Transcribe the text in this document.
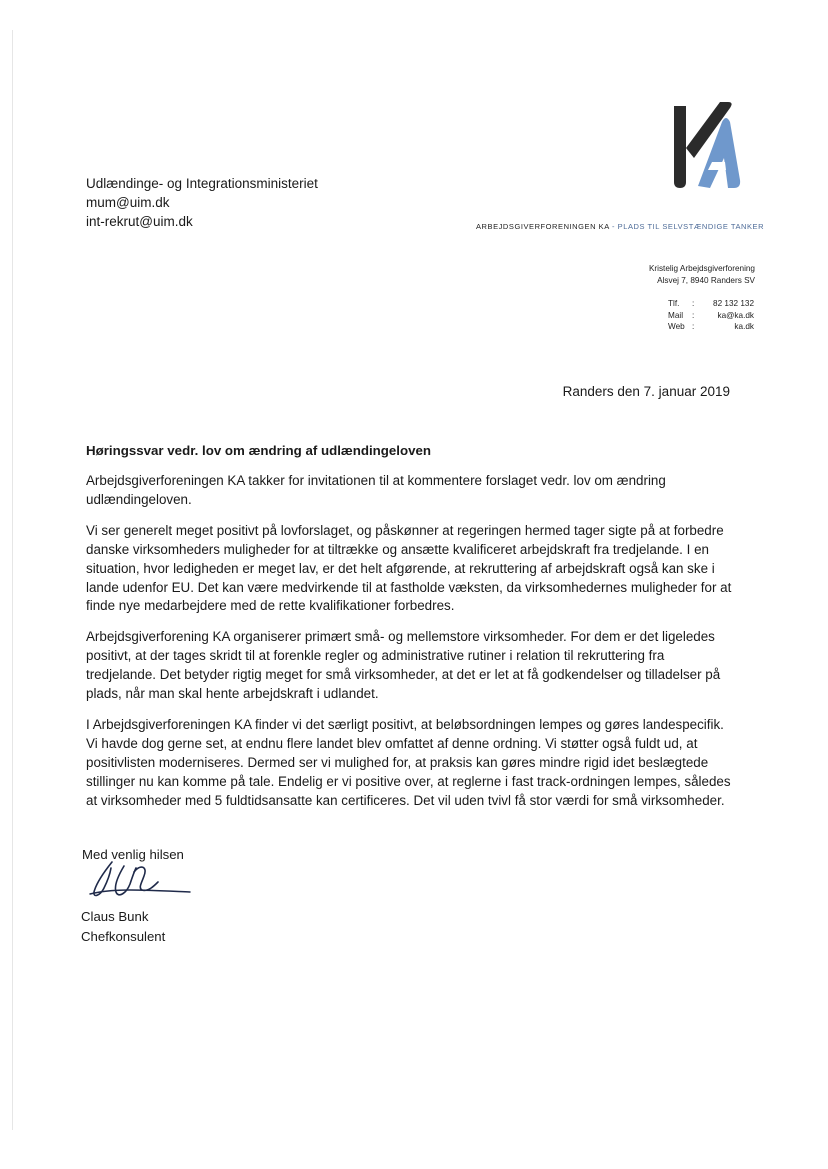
Udlændinge- og Integrationsministeriet
mum@uim.dk
int-rekrut@uim.dk	ARBEJDSGIVERFORENINGEN KA - PLADS TIL SELVSTÆNDIGE TANKER
Kristelig Arbejdsgiverforening
Alsvej 7, 8940 Randers SV
Tlf.	:	82 132 132
Mail	:	ka@ka.dk
Web	:	ka.dk
Randers den 7. januar 2019
Høringssvar vedr. lov om ændring af udlændingeloven

Arbejdsgiverforeningen KA takker for invitationen til at kommentere forslaget vedr. lov om ændring udlændingeloven.

Vi ser generelt meget positivt på lovforslaget, og påskønner at regeringen hermed tager sigte på at forbedre danske virksomheders muligheder for at tiltrække og ansætte kvalificeret arbejdskraft fra tredjelande. I en situation, hvor ledigheden er meget lav, er det helt afgørende, at rekruttering af arbejdskraft også kan ske i lande udenfor EU. Det kan være medvirkende til at fastholde væksten, da virksomhedernes muligheder for at finde nye medarbejdere med de rette kvalifikationer forbedres.

Arbejdsgiverforening KA organiserer primært små- og mellemstore virksomheder. For dem er det ligeledes positivt, at der tages skridt til at forenkle regler og administrative rutiner i relation til rekruttering fra tredjelande. Det betyder rigtig meget for små virksomheder, at det er let at få godkendelser og tilladelser på plads, når man skal hente arbejdskraft i udlandet.

I Arbejdsgiverforeningen KA finder vi det særligt positivt, at beløbsordningen lempes og gøres landespecifik. Vi havde dog gerne set, at endnu flere landet blev omfattet af denne ordning. Vi støtter også fuldt ud, at positivlisten moderniseres. Dermed ser vi mulighed for, at praksis kan gøres mindre rigid idet beslægtede stillinger nu kan komme på tale. Endelig er vi positive over, at reglerne i fast track-ordningen lempes, således at virksomheder med 5 fuldtidsansatte kan certificeres. Det vil uden tvivl få stor værdi for små virksomheder.

Med venlig hilsen
Claus Bunk
Chefkonsulent
